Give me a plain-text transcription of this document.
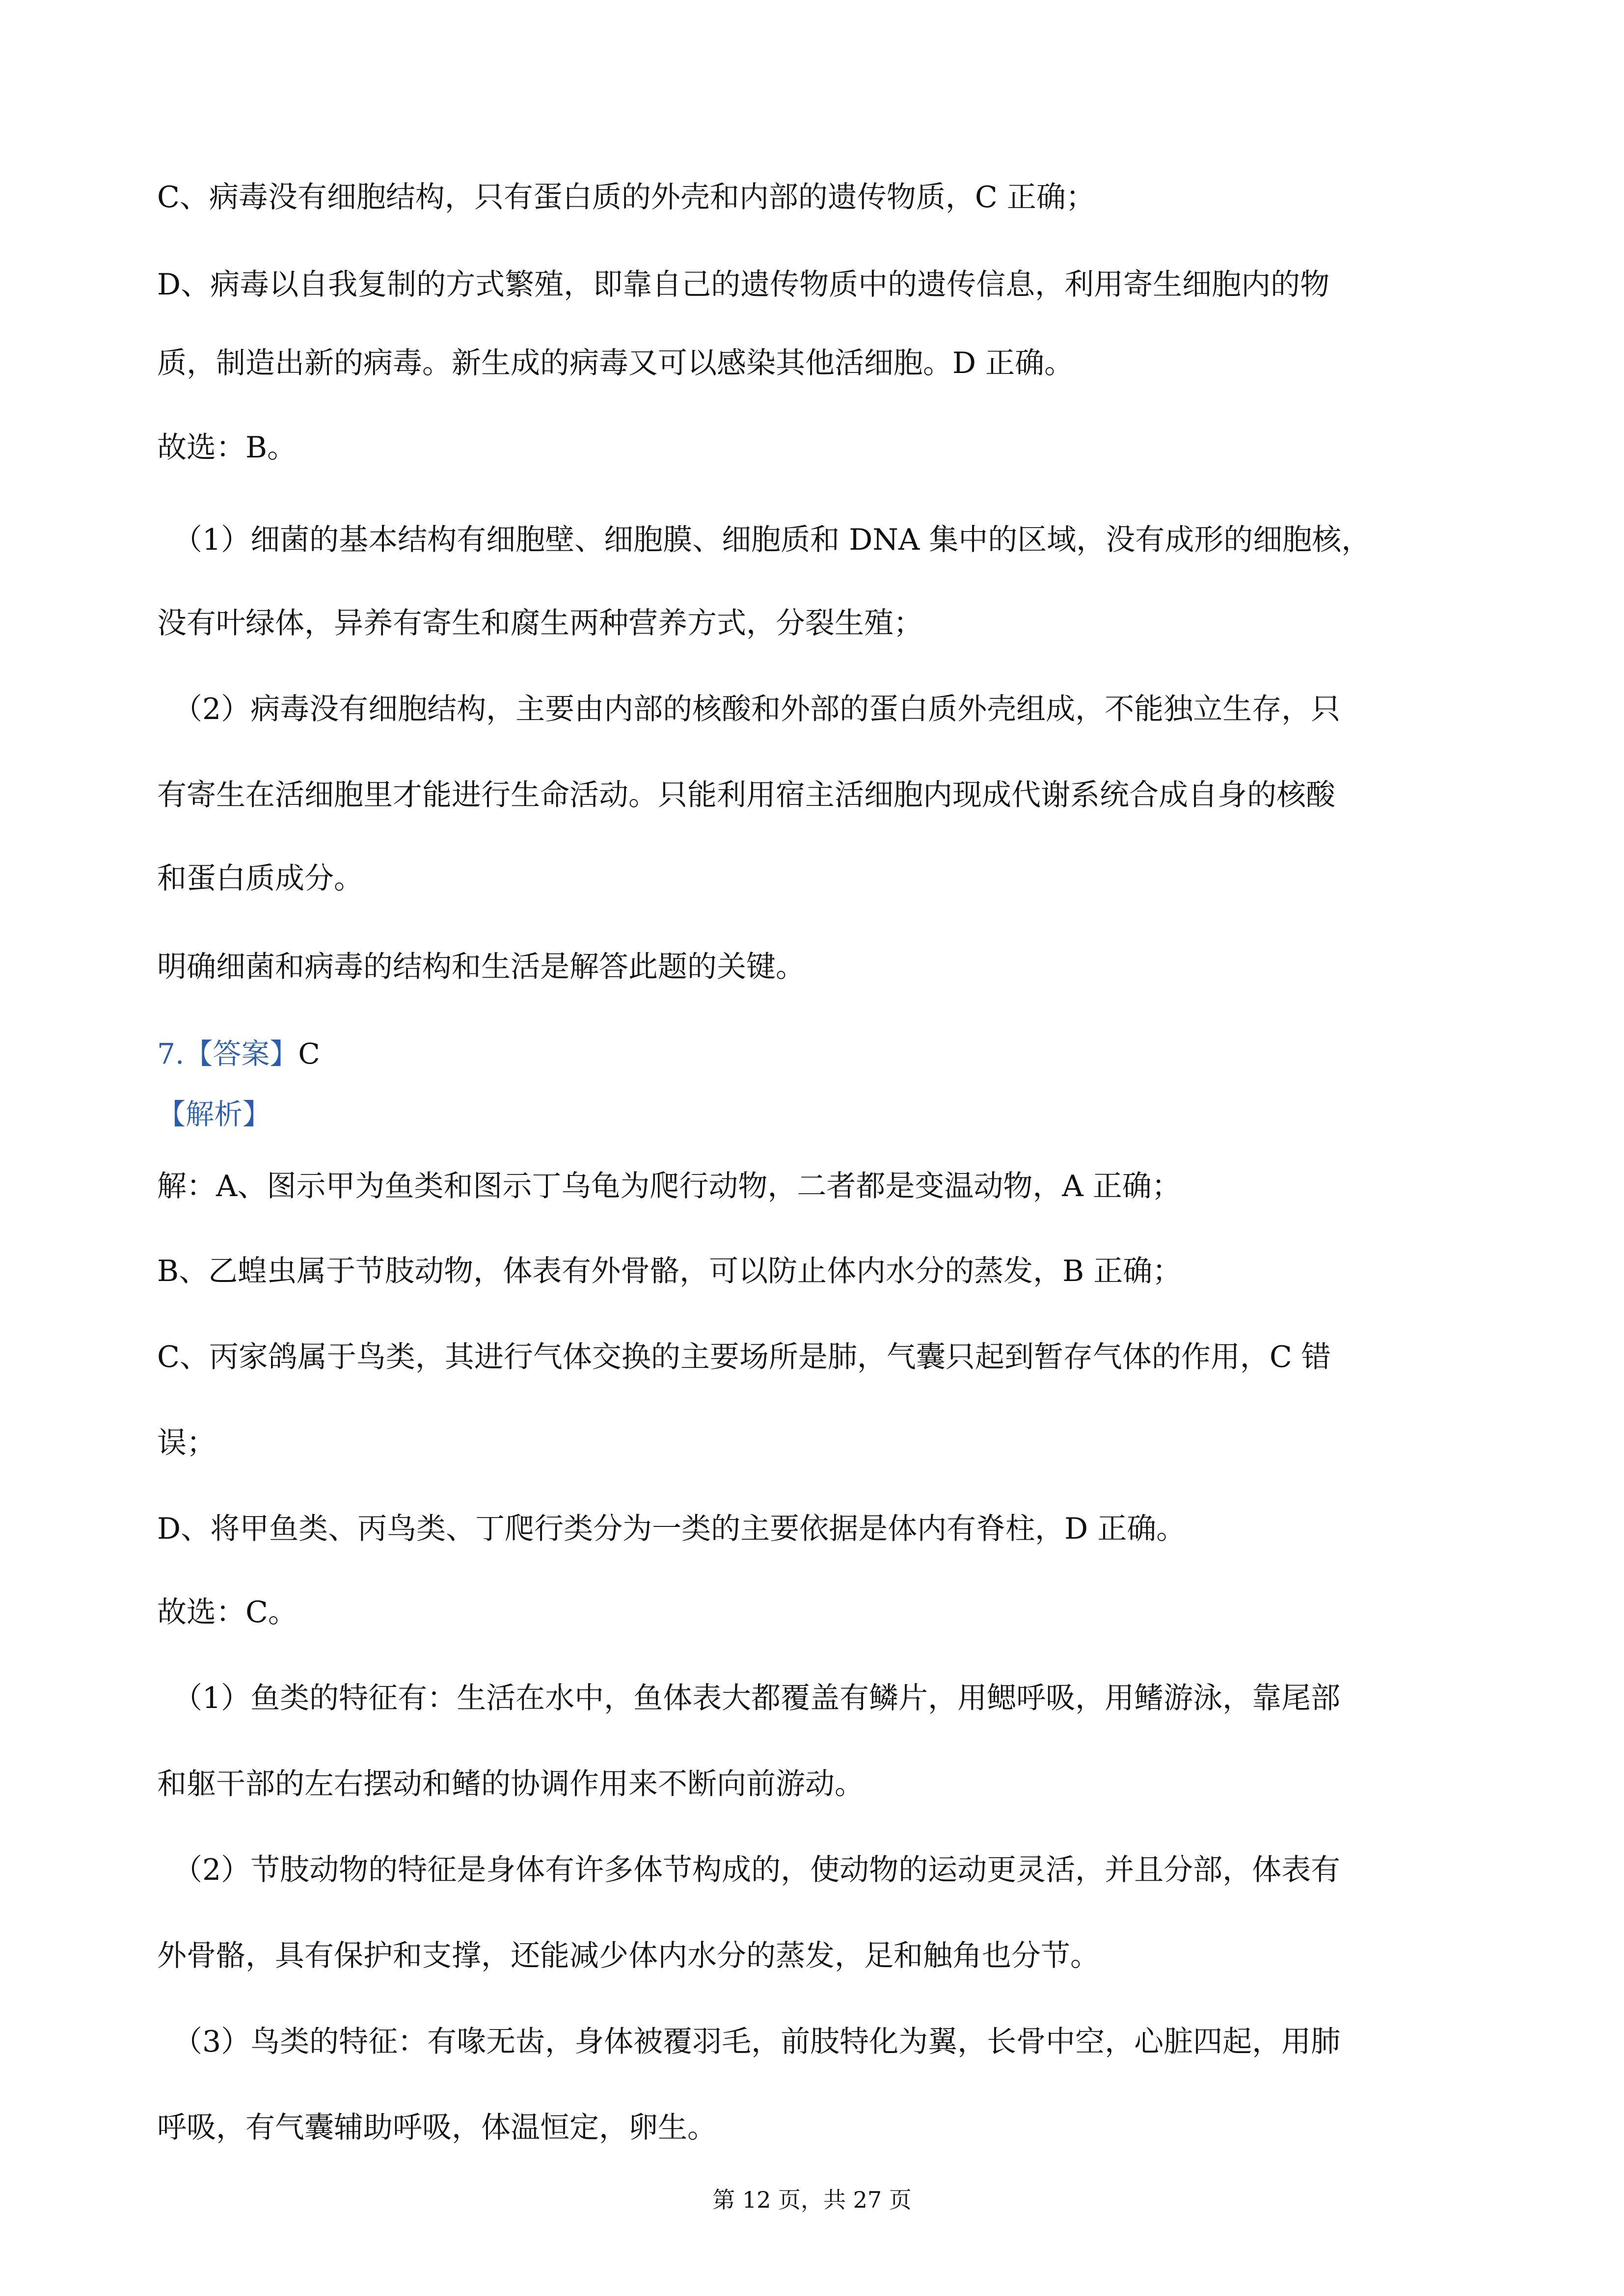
C、病毒没有细胞结构，只有蛋白质的外壳和内部的遗传物质，C 正确；
D、病毒以自我复制的方式繁殖，即靠自己的遗传物质中的遗传信息，利用寄生细胞内的物
质，制造出新的病毒。新生成的病毒又可以感染其他活细胞。D 正确。
故选：B。
（1）细菌的基本结构有细胞壁、细胞膜、细胞质和 DNA 集中的区域，没有成形的细胞核，
没有叶绿体，异养有寄生和腐生两种营养方式，分裂生殖；
（2）病毒没有细胞结构，主要由内部的核酸和外部的蛋白质外壳组成，不能独立生存，只
有寄生在活细胞里才能进行生命活动。只能利用宿主活细胞内现成代谢系统合成自身的核酸
和蛋白质成分。
明确细菌和病毒的结构和生活是解答此题的关键。
7.【答案】C
【解析】
解：A、图示甲为鱼类和图示丁乌龟为爬行动物，二者都是变温动物，A 正确；
B、乙蝗虫属于节肢动物，体表有外骨骼，可以防止体内水分的蒸发，B 正确；
C、丙家鸽属于鸟类，其进行气体交换的主要场所是肺，气囊只起到暂存气体的作用，C 错
误；
D、将甲鱼类、丙鸟类、丁爬行类分为一类的主要依据是体内有脊柱，D 正确。
故选：C。
（1）鱼类的特征有：生活在水中，鱼体表大都覆盖有鳞片，用鳃呼吸，用鳍游泳，靠尾部
和躯干部的左右摆动和鳍的协调作用来不断向前游动。
（2）节肢动物的特征是身体有许多体节构成的，使动物的运动更灵活，并且分部，体表有
外骨骼，具有保护和支撑，还能减少体内水分的蒸发，足和触角也分节。
（3）鸟类的特征：有喙无齿，身体被覆羽毛，前肢特化为翼，长骨中空，心脏四起，用肺
呼吸，有气囊辅助呼吸，体温恒定，卵生。
第 12 页，共 27 页
